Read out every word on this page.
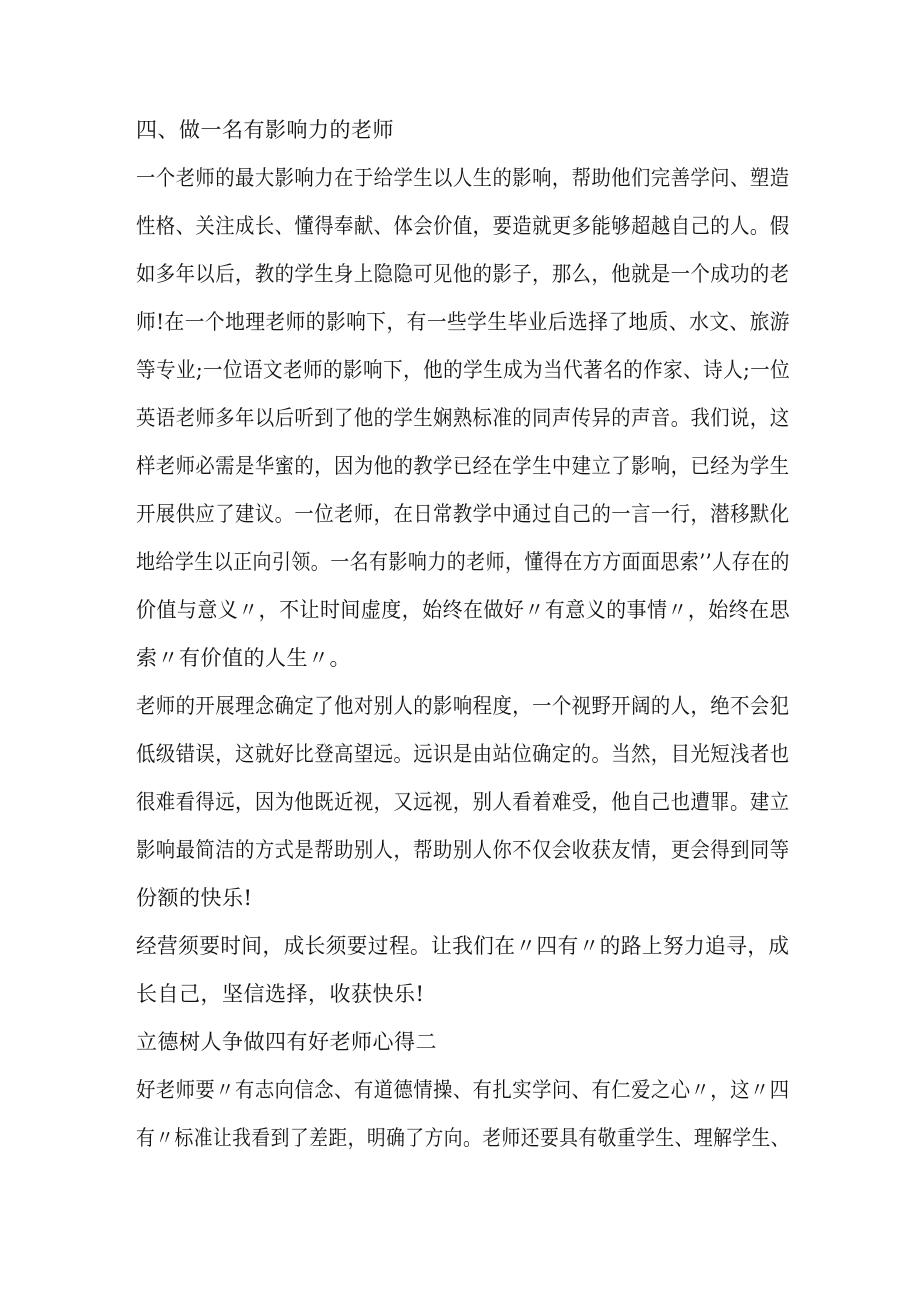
四、做一名有影响力的老师
一个老师的最大影响力在于给学生以人生的影响，帮助他们完善学问、塑造
性格、关注成长、懂得奉献、体会价值，要造就更多能够超越自己的人。假
如多年以后，教的学生身上隐隐可见他的影子，那么，他就是一个成功的老
师!在一个地理老师的影响下，有一些学生毕业后选择了地质、水文、旅游
等专业;一位语文老师的影响下，他的学生成为当代著名的作家、诗人;一位
英语老师多年以后听到了他的学生娴熟标准的同声传异的声音。我们说，这
样老师必需是华蜜的，因为他的教学已经在学生中建立了影响，已经为学生
开展供应了建议。一位老师，在日常教学中通过自己的一言一行，潜移默化
地给学生以正向引领。一名有影响力的老师，懂得在方方面面思索’’人存在的
价值与意义〃，不让时间虚度，始终在做好〃有意义的事情〃，始终在思
索〃有价值的人生〃。
老师的开展理念确定了他对别人的影响程度，一个视野开阔的人，绝不会犯
低级错误，这就好比登高望远。远识是由站位确定的。当然，目光短浅者也
很难看得远，因为他既近视，又远视，别人看着难受，他自己也遭罪。建立
影响最简洁的方式是帮助别人，帮助别人你不仅会收获友情，更会得到同等
份额的快乐!
经营须要时间，成长须要过程。让我们在〃四有〃的路上努力追寻，成
长自己，坚信选择，收获快乐!
立德树人争做四有好老师心得二
好老师要〃有志向信念、有道德情操、有扎实学问、有仁爱之心〃，这〃四
有〃标准让我看到了差距，明确了方向。老师还要具有敬重学生、理解学生、
